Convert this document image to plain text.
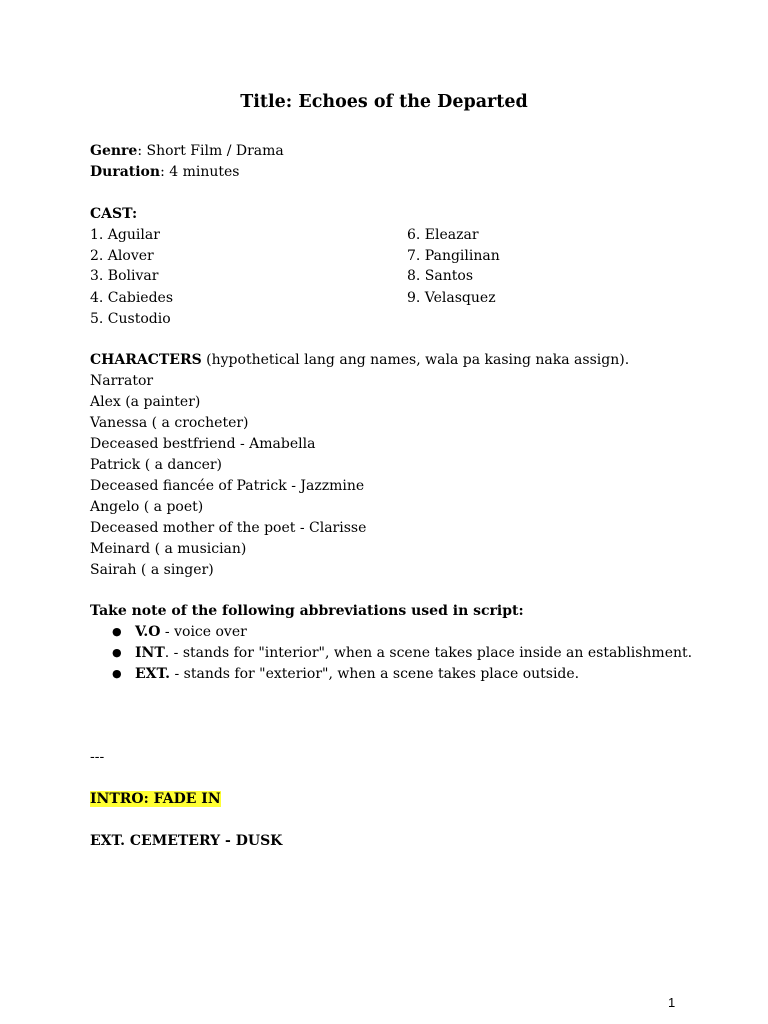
Title: Echoes of the Departed
Genre: Short Film / Drama
Duration: 4 minutes
CAST:
1. Aguilar
2. Alover
3. Bolivar
4. Cabiedes
5. Custodio
6. Eleazar
7. Pangilinan
8. Santos
9. Velasquez
CHARACTERS (hypothetical lang ang names, wala pa kasing naka assign).
Narrator
Alex (a painter)
Vanessa ( a crocheter)
Deceased bestfriend - Amabella
Patrick ( a dancer)
Deceased fiancée of Patrick - Jazzmine
Angelo ( a poet)
Deceased mother of the poet - Clarisse
Meinard ( a musician)
Sairah ( a singer)
Take note of the following abbreviations used in script:
● V.O - voice over
● INT. - stands for "interior", when a scene takes place inside an establishment.
● EXT. - stands for "exterior", when a scene takes place outside.
---
INTRO: FADE IN
EXT. CEMETERY - DUSK
1
